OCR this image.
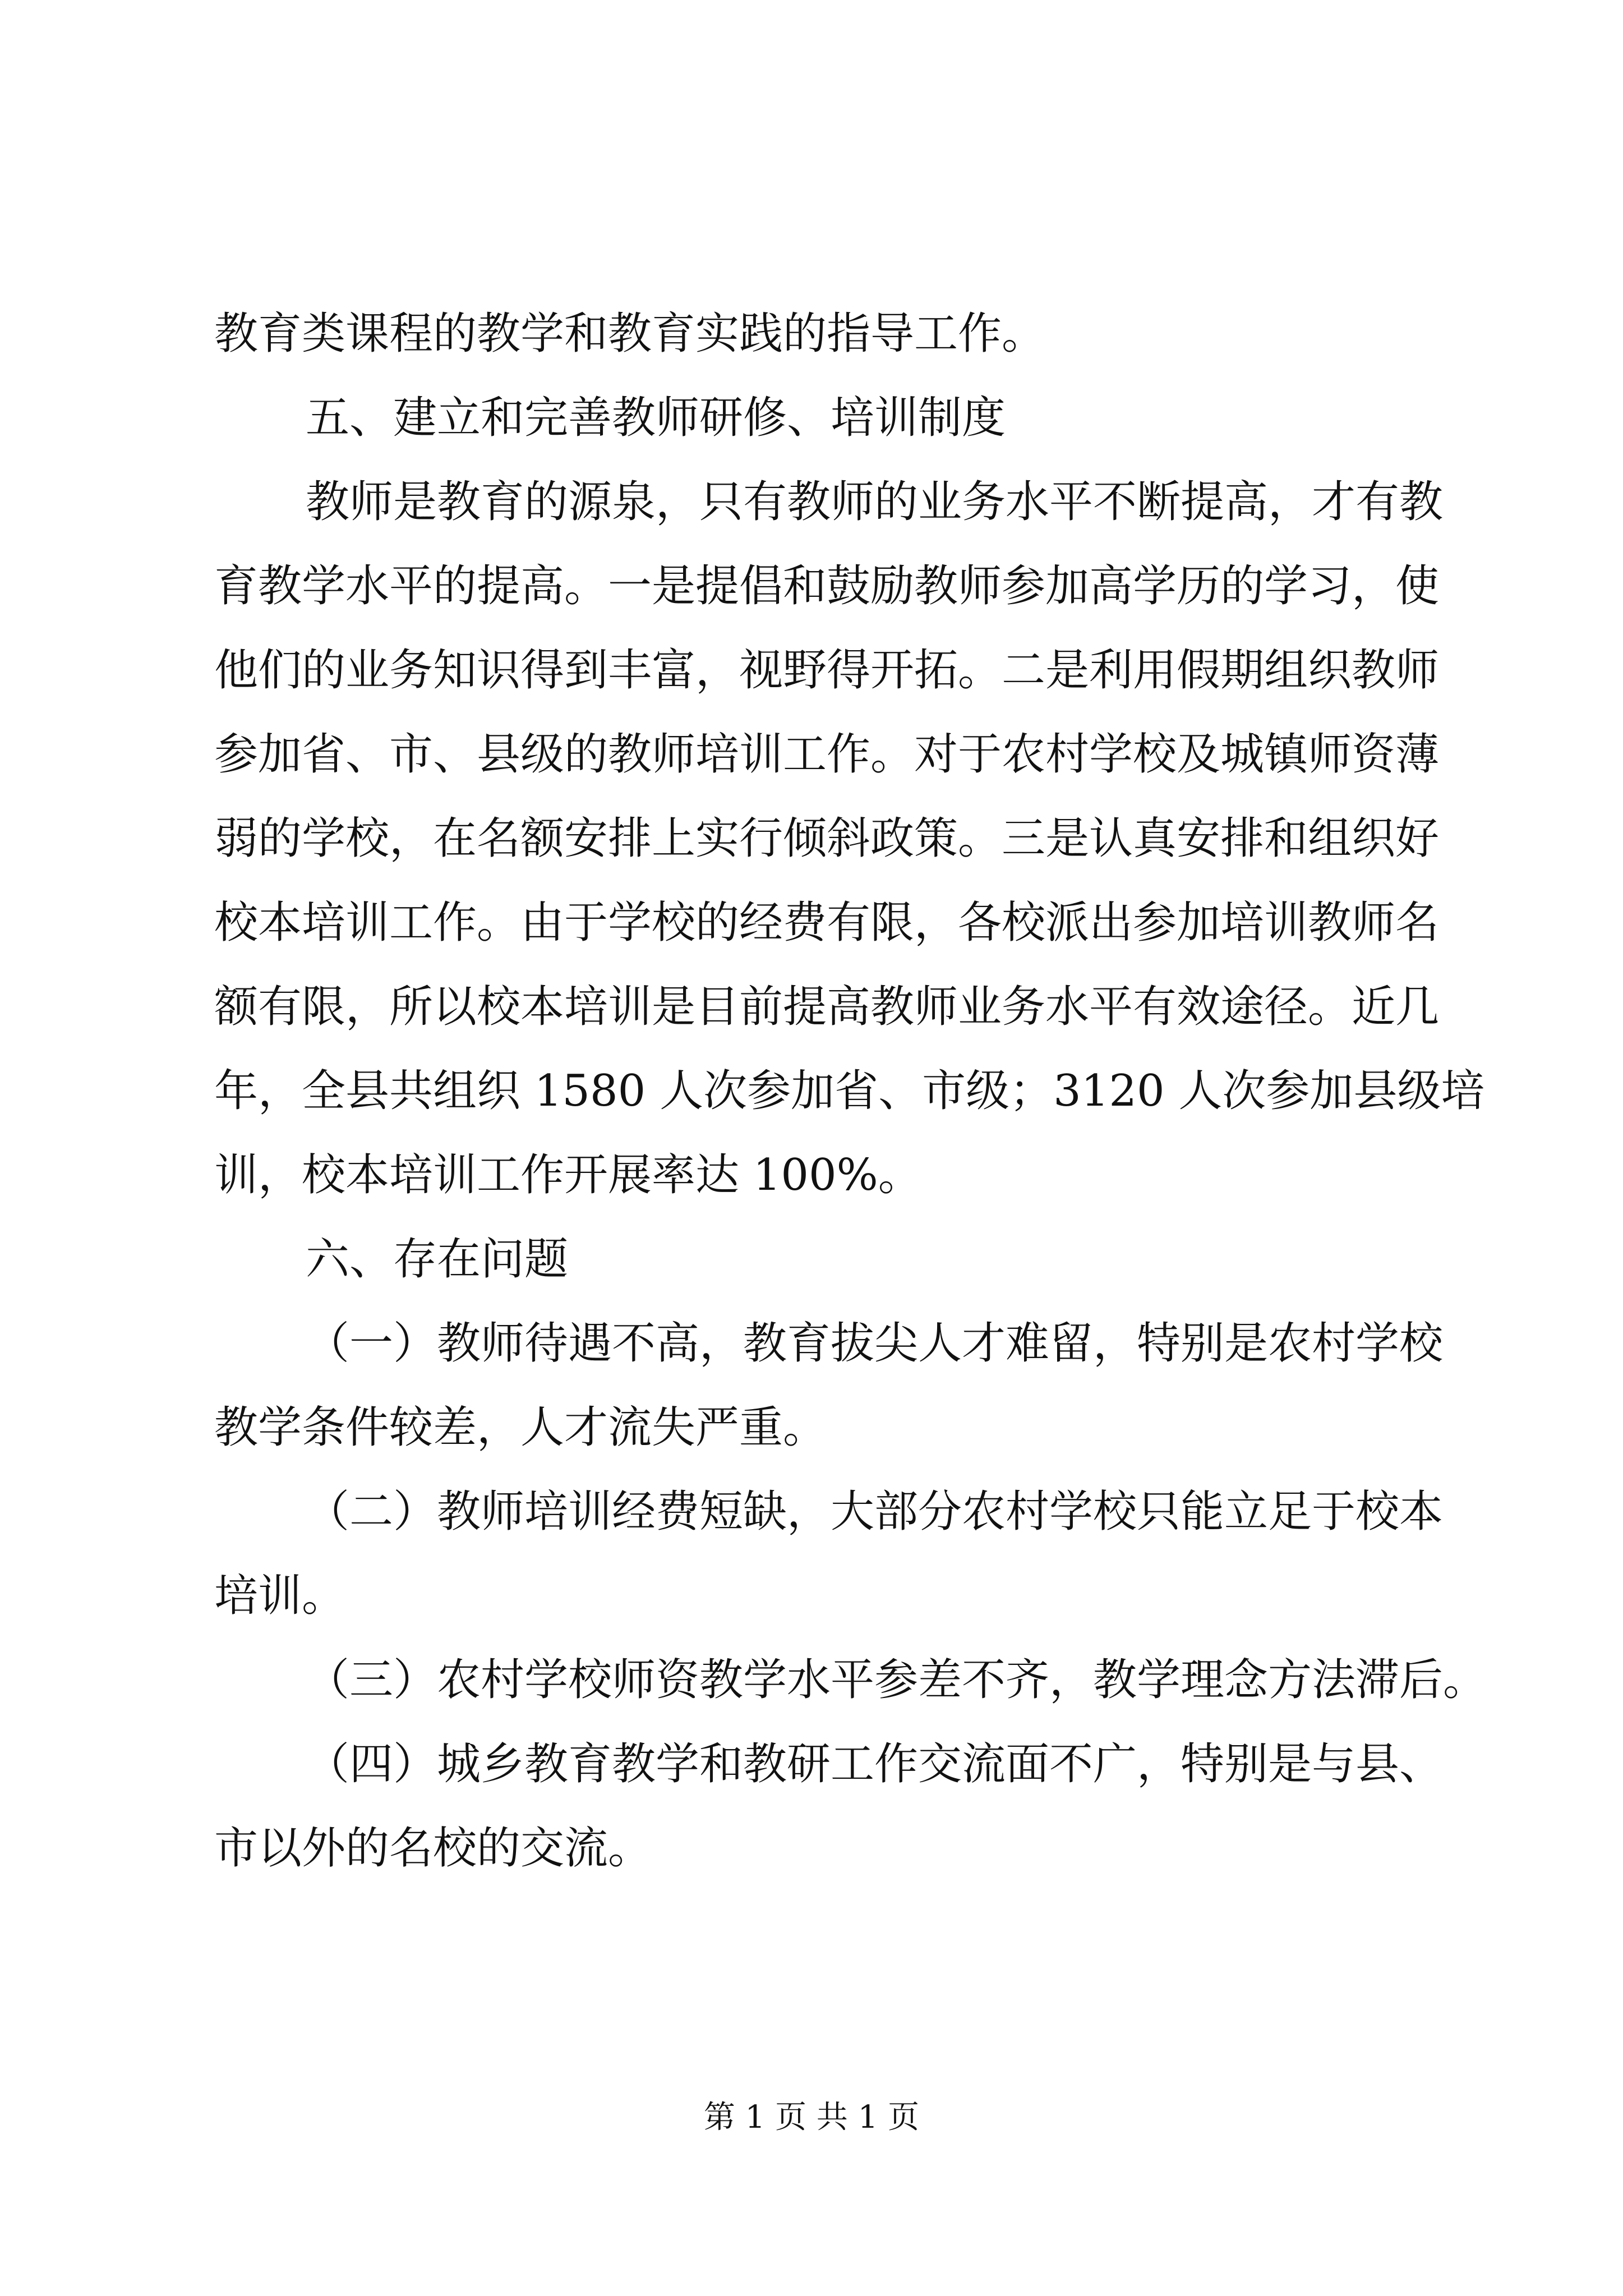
教育类课程的教学和教育实践的指导工作。
五、建立和完善教师研修、培训制度
教师是教育的源泉，只有教师的业务水平不断提高，才有教
育教学水平的提高。一是提倡和鼓励教师参加高学历的学习，使
他们的业务知识得到丰富，视野得开拓。二是利用假期组织教师
参加省、市、县级的教师培训工作。对于农村学校及城镇师资薄
弱的学校，在名额安排上实行倾斜政策。三是认真安排和组织好
校本培训工作。由于学校的经费有限，各校派出参加培训教师名
额有限，所以校本培训是目前提高教师业务水平有效途径。近几
年，全县共组织 1580 人次参加省、市级；3120 人次参加县级培
训，校本培训工作开展率达 100%。
六、存在问题
（一）教师待遇不高，教育拔尖人才难留，特别是农村学校
教学条件较差，人才流失严重。
（二）教师培训经费短缺，大部分农村学校只能立足于校本
培训。
（三）农村学校师资教学水平参差不齐，教学理念方法滞后。
（四）城乡教育教学和教研工作交流面不广，特别是与县、
市以外的名校的交流。
第 1 页 共 1 页
